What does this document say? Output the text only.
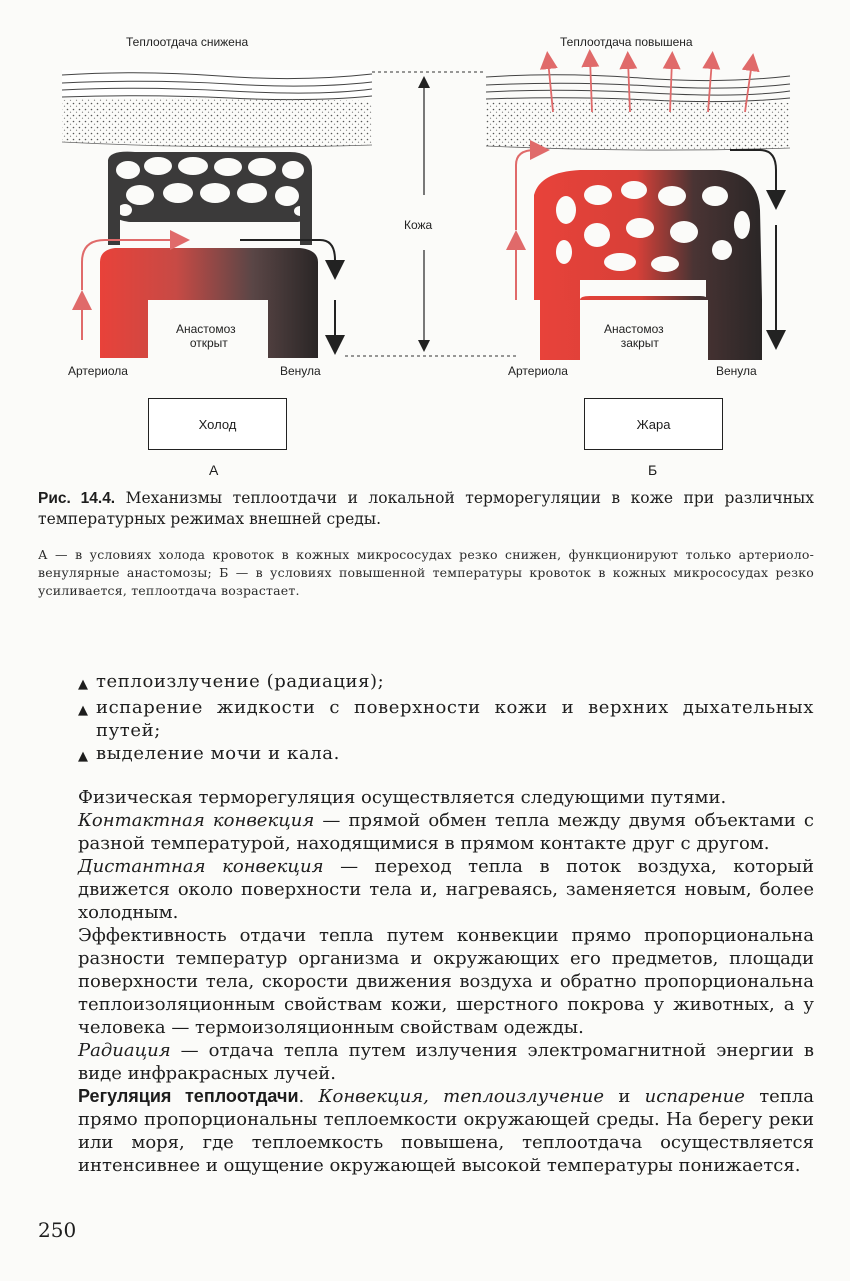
Теплоотдача снижена	Теплоотдача повышена
Кожа
Анастомоз
открыт
Анастомоз
закрыт
Артериола	Венула	Артериола	Венула
Холод	Жара
А	Б
Рис. 14.4. Механизмы теплоотдачи и локальной терморегуляции в коже при различных температурных режимах внешней среды.
А — в условиях холода кровоток в кожных микрососудах резко снижен, функционируют только артериоло-венулярные анастомозы; Б — в условиях повышенной температуры кровоток в кожных микрососудах резко усиливается, теплоотдача возрастает.
▲ теплоизлучение (радиация);
▲ испарение жидкости с поверхности кожи и верхних дыхательных путей;
▲ выделение мочи и кала.

Физическая терморегуляция осуществляется следующими путями.

Контактная конвекция — прямой обмен тепла между двумя объектами с разной температурой, находящимися в прямом контакте друг с другом.

Дистантная конвекция — переход тепла в поток воздуха, который движется около поверхности тела и, нагреваясь, заменяется новым, более холодным.

Эффективность отдачи тепла путем конвекции прямо пропорциональна разности температур организма и окружающих его предметов, площади поверхности тела, скорости движения воздуха и обратно пропорциональна теплоизоляционным свойствам кожи, шерстного покрова у животных, а у человека — термоизоляционным свойствам одежды.

Радиация — отдача тепла путем излучения электромагнитной энергии в виде инфракрасных лучей.

Регуляция теплоотдачи. Конвекция, теплоизлучение и испарение тепла прямо пропорциональны теплоемкости окружающей среды. На берегу реки или моря, где теплоемкость повышена, теплоотдача осуществляется интенсивнее и ощущение окружающей высокой температуры понижается.

250
